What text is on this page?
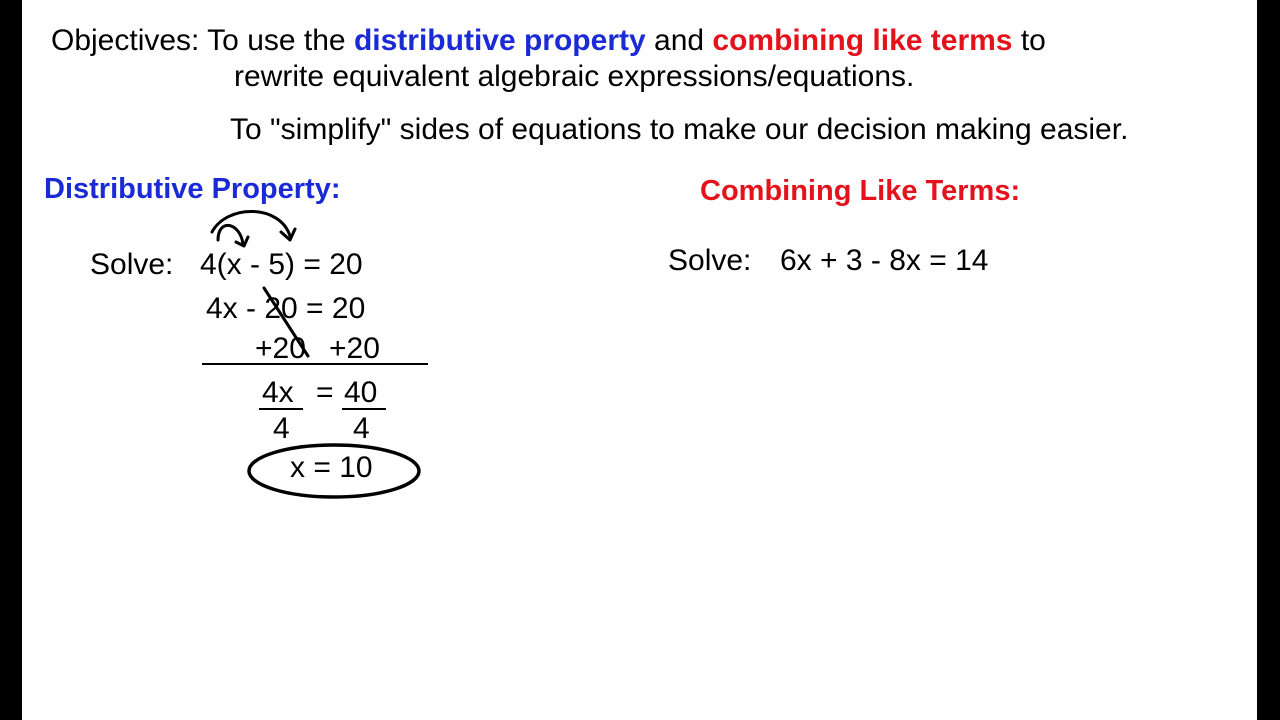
Objectives: To use the distributive property and combining like terms to
rewrite equivalent algebraic expressions/equations.
To "simplify" sides of equations to make our decision making easier.
Distributive Property:
Solve: 4(x - 5) = 20
4x - 20 = 20
+20 +20
4x = 40
4 4
x = 10
Combining Like Terms:
Solve: 6x + 3 - 8x = 14
